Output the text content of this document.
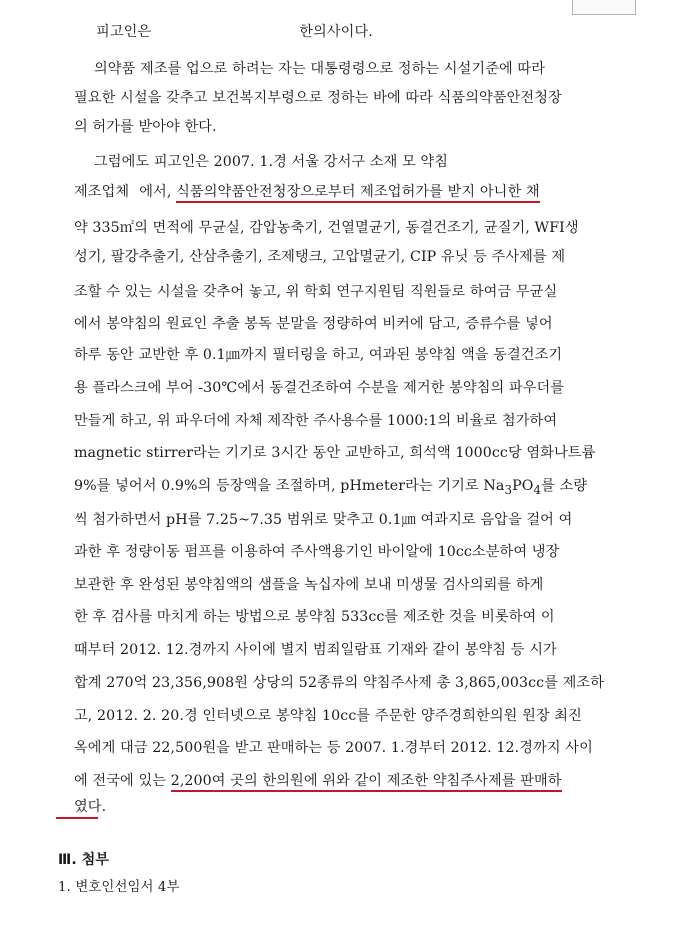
피고인은	한의사이다.
의약품 제조를 업으로 하려는 자는 대통령령으로 정하는 시설기준에 따라
필요한 시설을 갖추고 보건복지부령으로 정하는 바에 따라 식품의약품안전청장
의 허가를 받아야 한다.
그럼에도 피고인은 2007. 1.경 서울 강서구 소재 모 약침
제조업체 에서, 식품의약품안전청장으로부터 제조업허가를 받지 아니한 채
약 335㎡의 면적에 무균실, 감압농축기, 건열멸균기, 동결건조기, 균질기, WFI생
성기, 팔강추출기, 산삼추출기, 조제탱크, 고압멸균기, CIP 유닛 등 주사제를 제
조할 수 있는 시설을 갖추어 놓고, 위 학회 연구지원팀 직원들로 하여금 무균실
에서 봉약침의 원료인 추출 봉독 분말을 정량하여 비커에 담고, 증류수를 넣어
하루 동안 교반한 후 0.1㎛까지 필터링을 하고, 여과된 봉약침 액을 동결건조기
용 플라스크에 부어 -30℃에서 동결건조하여 수분을 제거한 봉약침의 파우더를
만들게 하고, 위 파우더에 자체 제작한 주사용수를 1000:1의 비율로 첨가하여
magnetic stirrer라는 기기로 3시간 동안 교반하고, 희석액 1000cc당 염화나트륨
9%를 넣어서 0.9%의 등장액을 조절하며, pHmeter라는 기기로 $Na_3PO_4$를 소량
씩 첨가하면서 pH를 7.25~7.35 범위로 맞추고 0.1㎛ 여과지로 음압을 걸어 여
과한 후 정량이동 펌프를 이용하여 주사액용기인 바이알에 10cc소분하여 냉장
보관한 후 완성된 봉약침액의 샘플을 녹십자에 보내 미생물 검사의뢰를 하게
한 후 검사를 마치게 하는 방법으로 봉약침 533cc를 제조한 것을 비롯하여 이
때부터 2012. 12.경까지 사이에 별지 범죄일람표 기재와 같이 봉약침 등 시가
합계 270억 23,356,908원 상당의 52종류의 약침주사제 총 3,865,003cc를 제조하
고, 2012. 2. 20.경 인터넷으로 봉약침 10cc를 주문한 양주경희한의원 원장 최진
옥에게 대금 22,500원을 받고 판매하는 등 2007. 1.경부터 2012. 12.경까지 사이
에 전국에 있는 2,200여 곳의 한의원에 위와 같이 제조한 약침주사제를 판매하
였다.
Ⅲ. 첨부
1. 변호인선임서 4부
